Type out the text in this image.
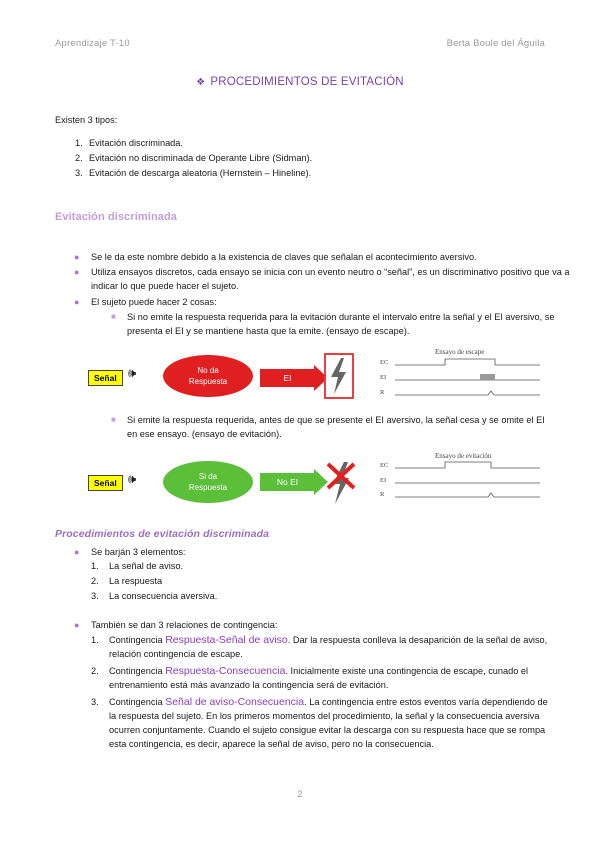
Aprendizaje T-10	Berta Boule del Águila
❖ PROCEDIMIENTOS DE EVITACIÓN
Existen 3 tipos:
1. Evitación discriminada.
2. Evitación no discriminada de Operante Libre (Sidman).
3. Evitación de descarga aleatoria (Hernstein – Hineline).
Evitación discriminada
● Se le da este nombre debido a la existencia de claves que señalan el acontecimiento aversivo.
● Utiliza ensayos discretos, cada ensayo se inicia con un evento neutro o “señal”, es un discriminativo positivo que va a indicar lo que puede hacer el sujeto.
● El sujeto puede hacer 2 cosas:
■ Si no emite la respuesta requerida para la evitación durante el intervalo entre la señal y el EI aversivo, se presenta el EI y se mantiene hasta que la emite. (ensayo de escape).
Señal 🕪	No da
Respuesta	EI
Ensayo de escape
EC
EI
R
■ Si emite la respuesta requerida, antes de que se presente el EI aversivo, la señal cesa y se omite el EI en ese ensayo. (ensayo de evitación).
Señal 🕪	Si da
Respuesta
No EI
Ensayo de evitación
EC
EI
R
Procedimientos de evitación discriminada
● Se barján 3 elementos:
1. La señal de aviso.
2. La respuesta
3. La consecuencia aversiva.
● También se dan 3 relaciones de contingencia:
1. Contingencia Respuesta-Señal de aviso. Dar la respuesta conlleva la desaparición de la señal de aviso, relación contingencia de escape.
2. Contingencia Respuesta-Consecuencia. Inicialmente existe una contingencia de escape, cunado el entrenamiento está más avanzado la contingencia será de evitación.
3. Contingencia Señal de aviso-Consecuencia. La contingencia entre estos eventos varía dependiendo de la respuesta del sujeto. En los primeros momentos del procedimiento, la señal y la consecuencia aversiva ocurren conjuntamente. Cuando el sujeto consigue evitar la descarga con su respuesta hace que se rompa esta contingencia, es decir, aparece la señal de aviso, pero no la consecuencia.
2
